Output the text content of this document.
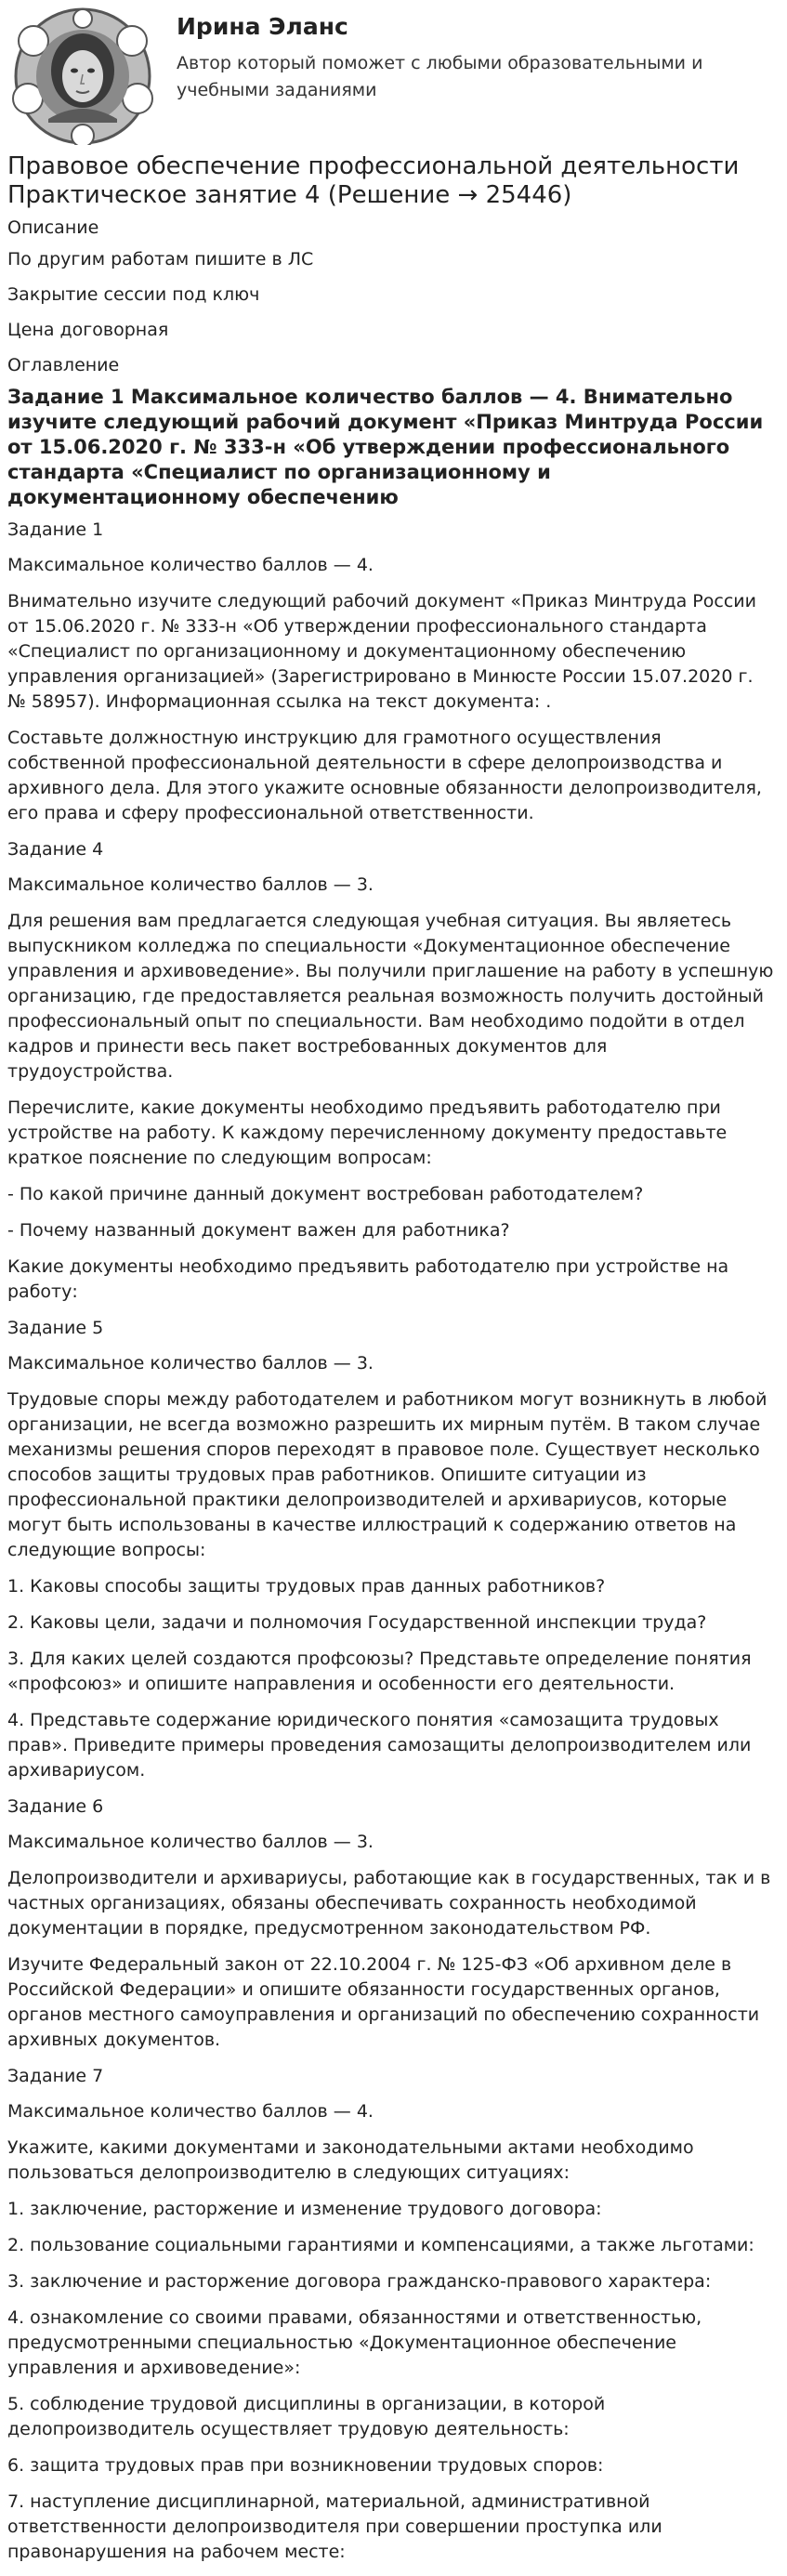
Ирина Эланс

Автор который поможет с любыми образовательными и учебными заданиями

Правовое обеспечение профессиональной деятельности Практическое занятие 4 (Решение → 25446)
Описание
По другим работам пишите в ЛС
Закрытие сессии под ключ
Цена договорная
Оглавление
Задание 1 Максимальное количество баллов — 4. Внимательно изучите следующий рабочий документ «Приказ Минтруда России от 15.06.2020 г. № 333-н «Об утверждении профессионального стандарта «Специалист по организационному и документационному обеспечению
Задание 1

Максимальное количество баллов — 4.

Внимательно изучите следующий рабочий документ «Приказ Минтруда России от 15.06.2020 г. № 333-н «Об утверждении профессионального стандарта «Специалист по организационному и документационному обеспечению управления организацией» (Зарегистрировано в Минюсте России 15.07.2020 г. № 58957). Информационная ссылка на текст документа: .

Составьте должностную инструкцию для грамотного осуществления собственной профессиональной деятельности в сфере делопроизводства и архивного дела. Для этого укажите основные обязанности делопроизводителя, его права и сферу профессиональной ответственности.

Задание 4

Максимальное количество баллов — 3.

Для решения вам предлагается следующая учебная ситуация. Вы являетесь выпускником колледжа по специальности «Документационное обеспечение управления и архивоведение». Вы получили приглашение на работу в успешную организацию, где предоставляется реальная возможность получить достойный профессиональный опыт по специальности. Вам необходимо подойти в отдел кадров и принести весь пакет востребованных документов для трудоустройства.

Перечислите, какие документы необходимо предъявить работодателю при устройстве на работу. К каждому перечисленному документу предоставьте краткое пояснение по следующим вопросам:

- По какой причине данный документ востребован работодателем?

- Почему названный документ важен для работника?

Какие документы необходимо предъявить работодателю при устройстве на работу:

Задание 5

Максимальное количество баллов — 3.

Трудовые споры между работодателем и работником могут возникнуть в любой организации, не всегда возможно разрешить их мирным путём. В таком случае механизмы решения споров переходят в правовое поле. Существует несколько способов защиты трудовых прав работников. Опишите ситуации из профессиональной практики делопроизводителей и архивариусов, которые могут быть использованы в качестве иллюстраций к содержанию ответов на следующие вопросы:

1. Каковы способы защиты трудовых прав данных работников?

2. Каковы цели, задачи и полномочия Государственной инспекции труда?

3. Для каких целей создаются профсоюзы? Представьте определение понятия «профсоюз» и опишите направления и особенности его деятельности.

4. Представьте содержание юридического понятия «самозащита трудовых прав». Приведите примеры проведения самозащиты делопроизводителем или архивариусом.

Задание 6

Максимальное количество баллов — 3.

Делопроизводители и архивариусы, работающие как в государственных, так и в частных организациях, обязаны обеспечивать сохранность необходимой документации в порядке, предусмотренном законодательством РФ.

Изучите Федеральный закон от 22.10.2004 г. № 125-ФЗ «Об архивном деле в Российской Федерации» и опишите обязанности государственных органов, органов местного самоуправления и организаций по обеспечению сохранности архивных документов.

Задание 7

Максимальное количество баллов — 4.

Укажите, какими документами и законодательными актами необходимо пользоваться делопроизводителю в следующих ситуациях:

1. заключение, расторжение и изменение трудового договора:

2. пользование социальными гарантиями и компенсациями, а также льготами:

3. заключение и расторжение договора гражданско-правового характера:

4. ознакомление со своими правами, обязанностями и ответственностью, предусмотренными специальностью «Документационное обеспечение управления и архивоведение»:

5. соблюдение трудовой дисциплины в организации, в которой делопроизводитель осуществляет трудовую деятельность:

6. защита трудовых прав при возникновении трудовых споров:

7. наступление дисциплинарной, материальной, административной ответственности делопроизводителя при совершении проступка или правонарушения на рабочем месте:
